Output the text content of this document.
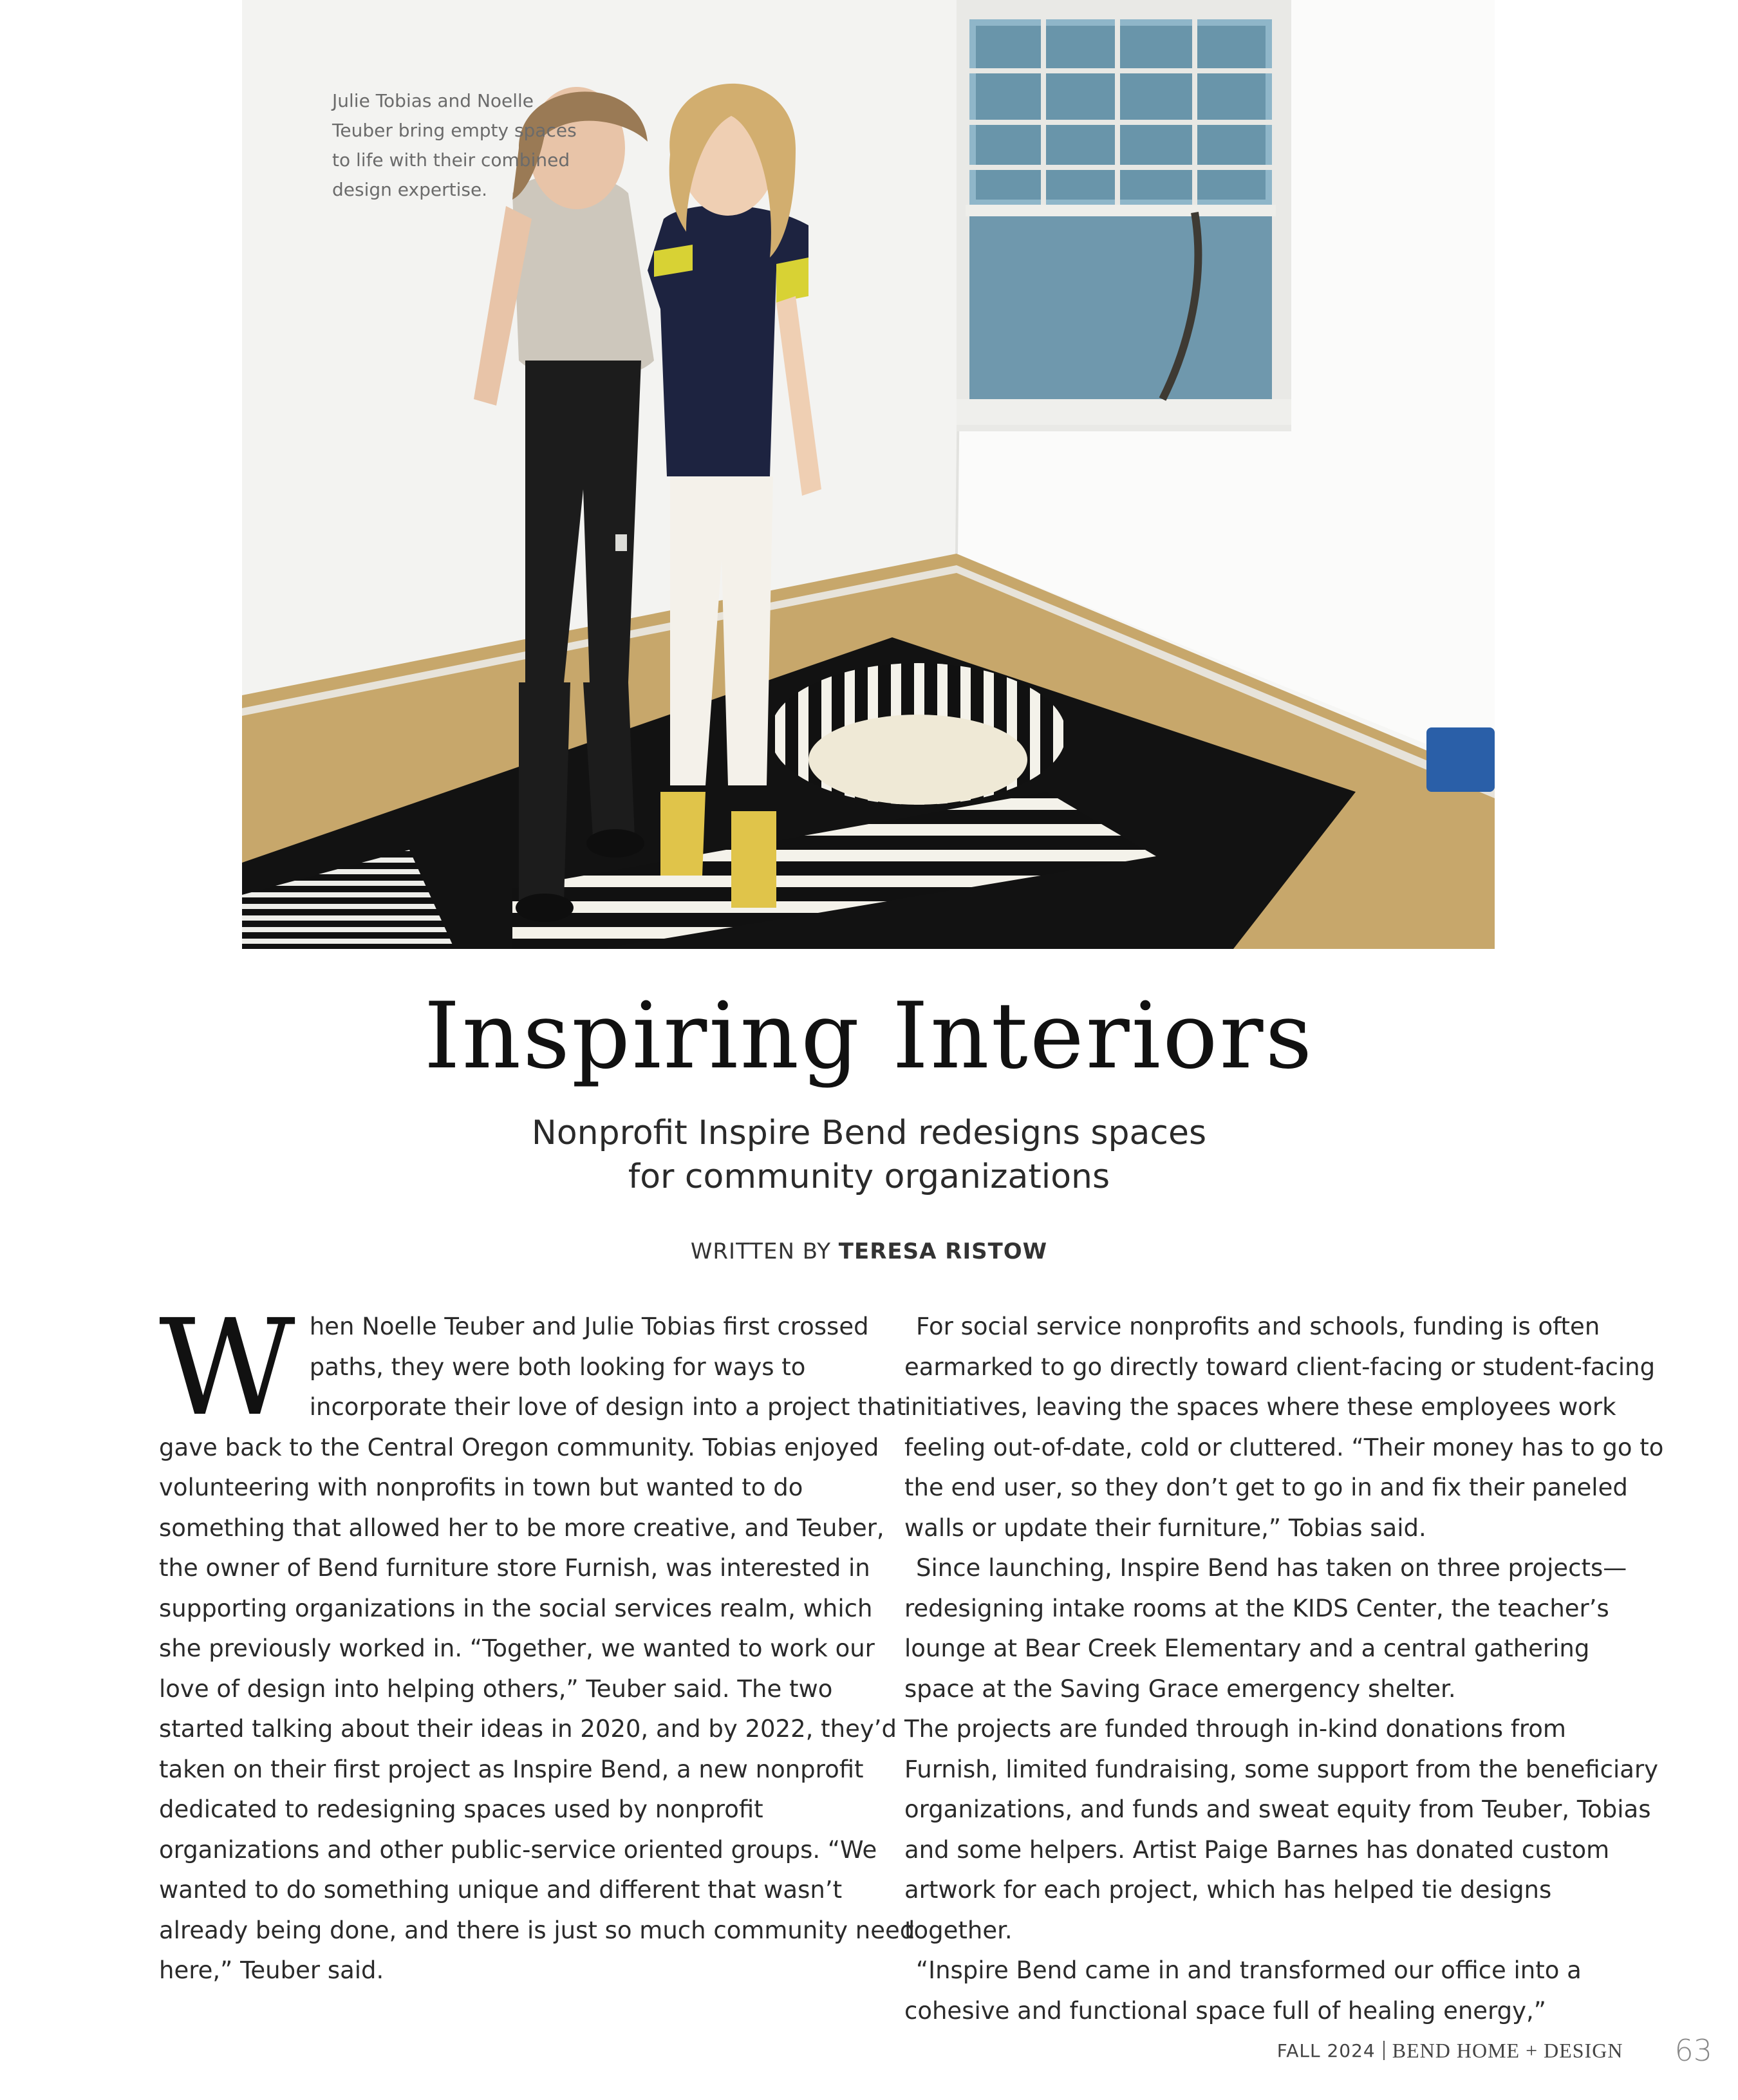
Julie Tobias and Noelle Teuber bring empty spaces to life with their combined design expertise.

Inspiring Interiors
Nonprofit Inspire Bend redesigns spaces
for community organizations
WRITTEN BY TERESA RISTOW

When Noelle Teuber and Julie Tobias first crossed paths, they were both looking for ways to incorporate their love of design into a project that gave back to the Central Oregon community. Tobias enjoyed volunteering with nonprofits in town but wanted to do something that allowed her to be more creative, and Teuber, the owner of Bend furniture store Furnish, was interested in supporting organizations in the social services realm, which she previously worked in. “Together, we wanted to work our love of design into helping others,” Teuber said. The two started talking about their ideas in 2020, and by 2022, they’d taken on their first project as Inspire Bend, a new nonprofit dedicated to redesigning spaces used by nonprofit organizations and other public-service oriented groups. “We wanted to do something unique and different that wasn’t already being done, and there is just so much community need here,” Teuber said.

For social service nonprofits and schools, funding is often earmarked to go directly toward client-facing or student-facing initiatives, leaving the spaces where these employees work feeling out-of-date, cold or cluttered. “Their money has to go to the end user, so they don’t get to go in and fix their paneled walls or update their furniture,” Tobias said.

Since launching, Inspire Bend has taken on three projects—redesigning intake rooms at the KIDS Center, the teacher’s lounge at Bear Creek Elementary and a central gathering space at the Saving Grace emergency shelter.

The projects are funded through in-kind donations from Furnish, limited fundraising, some support from the beneficiary organizations, and funds and sweat equity from Teuber, Tobias and some helpers. Artist Paige Barnes has donated custom artwork for each project, which has helped tie designs together.

“Inspire Bend came in and transformed our office into a cohesive and functional space full of healing energy,”

FALL 2024 BEND HOME + DESIGN 63
